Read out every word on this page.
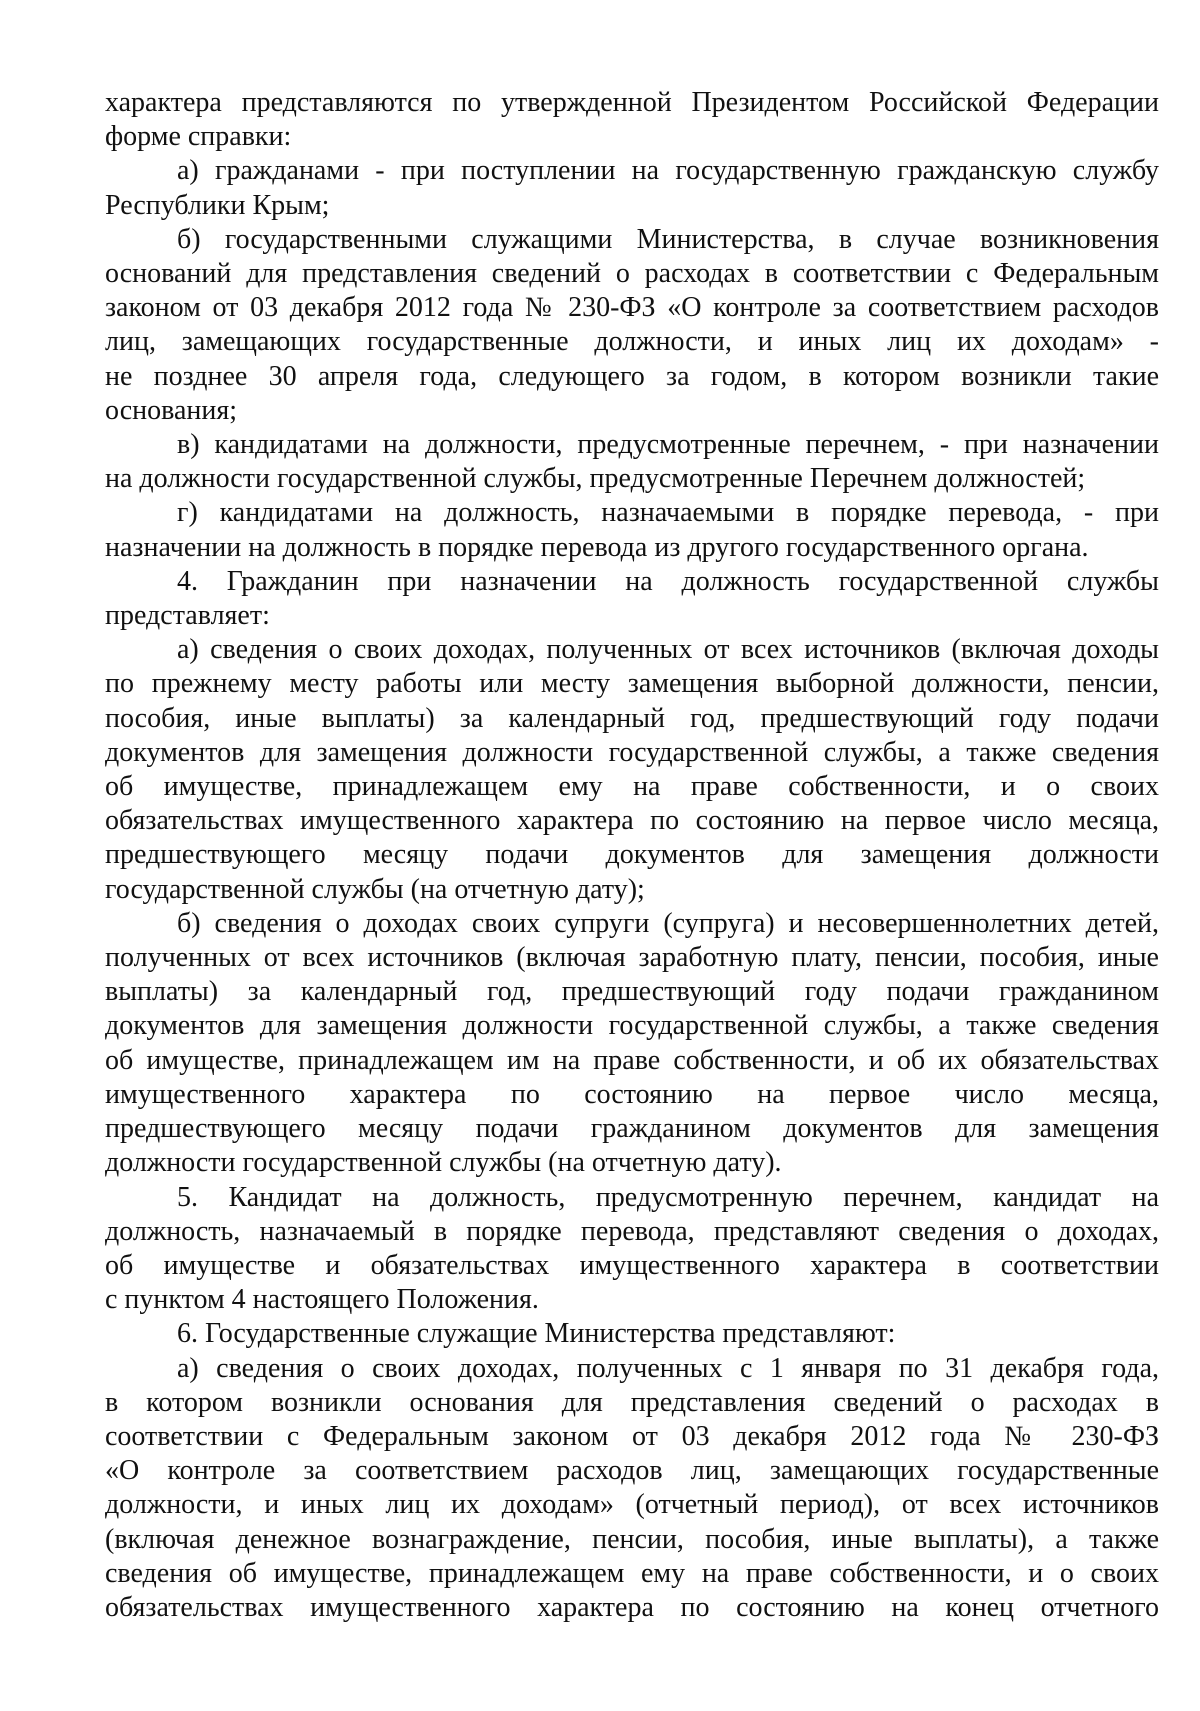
характера представляются по утвержденной Президентом Российской Федерации
форме справки:
а) гражданами - при поступлении на государственную гражданскую службу
Республики Крым;
б) государственными служащими Министерства, в случае возникновения
оснований для представления сведений о расходах в соответствии с Федеральным
законом от 03 декабря 2012 года № 230-ФЗ «О контроле за соответствием расходов
лиц, замещающих государственные должности, и иных лиц их доходам» -
не позднее 30 апреля года, следующего за годом, в котором возникли такие
основания;
в) кандидатами на должности, предусмотренные перечнем, - при назначении
на должности государственной службы, предусмотренные Перечнем должностей;
г) кандидатами на должность, назначаемыми в порядке перевода, - при
назначении на должность в порядке перевода из другого государственного органа.
4. Гражданин при назначении на должность государственной службы
представляет:
а) сведения о своих доходах, полученных от всех источников (включая доходы
по прежнему месту работы или месту замещения выборной должности, пенсии,
пособия, иные выплаты) за календарный год, предшествующий году подачи
документов для замещения должности государственной службы, а также сведения
об имуществе, принадлежащем ему на праве собственности, и о своих
обязательствах имущественного характера по состоянию на первое число месяца,
предшествующего месяцу подачи документов для замещения должности
государственной службы (на отчетную дату);
б) сведения о доходах своих супруги (супруга) и несовершеннолетних детей,
полученных от всех источников (включая заработную плату, пенсии, пособия, иные
выплаты) за календарный год, предшествующий году подачи гражданином
документов для замещения должности государственной службы, а также сведения
об имуществе, принадлежащем им на праве собственности, и об их обязательствах
имущественного характера по состоянию на первое число месяца,
предшествующего месяцу подачи гражданином документов для замещения
должности государственной службы (на отчетную дату).
5. Кандидат на должность, предусмотренную перечнем, кандидат на
должность, назначаемый в порядке перевода, представляют сведения о доходах,
об имуществе и обязательствах имущественного характера в соответствии
с пунктом 4 настоящего Положения.
6. Государственные служащие Министерства представляют:
а) сведения о своих доходах, полученных с 1 января по 31 декабря года,
в котором возникли основания для представления сведений о расходах в
соответствии с Федеральным законом от 03 декабря 2012 года № 230-ФЗ
«О контроле за соответствием расходов лиц, замещающих государственные
должности, и иных лиц их доходам» (отчетный период), от всех источников
(включая денежное вознаграждение, пенсии, пособия, иные выплаты), а также
сведения об имуществе, принадлежащем ему на праве собственности, и о своих
обязательствах имущественного характера по состоянию на конец отчетного
